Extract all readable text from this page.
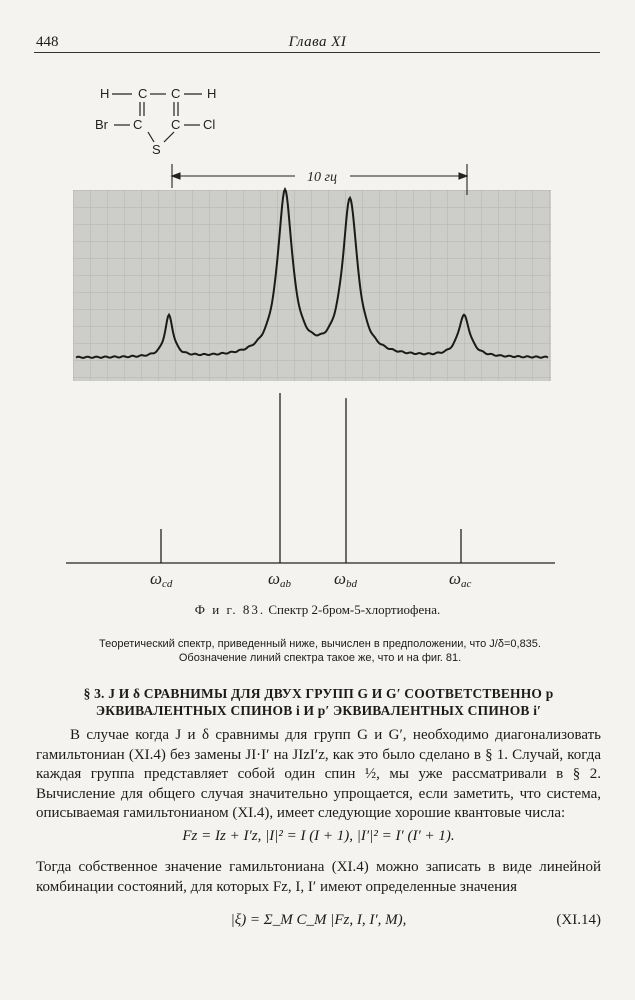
448	Глава XI
H C C H
Br C C Cl
S
10 гц
ωcd	ωab	ωbd	ωac
Ф и г. 83. Спектр 2-бром-5-хлортиофена.
Теоретический спектр, приведенный ниже, вычислен в предположении, что J/δ=0,835.
Обозначение линий спектра такое же, что и на фиг. 81.
§ 3. J И δ СРАВНИМЫ ДЛЯ ДВУХ ГРУПП G И G′ СООТВЕТСТВЕННО p
ЭКВИВАЛЕНТНЫХ СПИНОВ i И p′ ЭКВИВАЛЕНТНЫХ СПИНОВ i′
В случае когда J и δ сравнимы для групп G и G′, необходимо диагонализовать гамильтониан (XI.4) без замены JI·I′ на JIzI′z, как это было сделано в § 1. Случай, когда каждая группа представляет собой один спин ½, мы уже рассматривали в § 2. Вычисление для общего случая значительно упрощается, если заметить, что система, описываемая гамильтонианом (XI.4), имеет следующие хорошие квантовые числа:
Fz = Iz + I′z, |I|² = I (I + 1), |I′|² = I′ (I′ + 1).
Тогда собственное значение гамильтониана (XI.4) можно записать в виде линейной комбинации состояний, для которых Fz, I, I′ имеют определенные значения
|ξ) = Σ_M C_M |Fz, I, I′, M),	(XI.14)
